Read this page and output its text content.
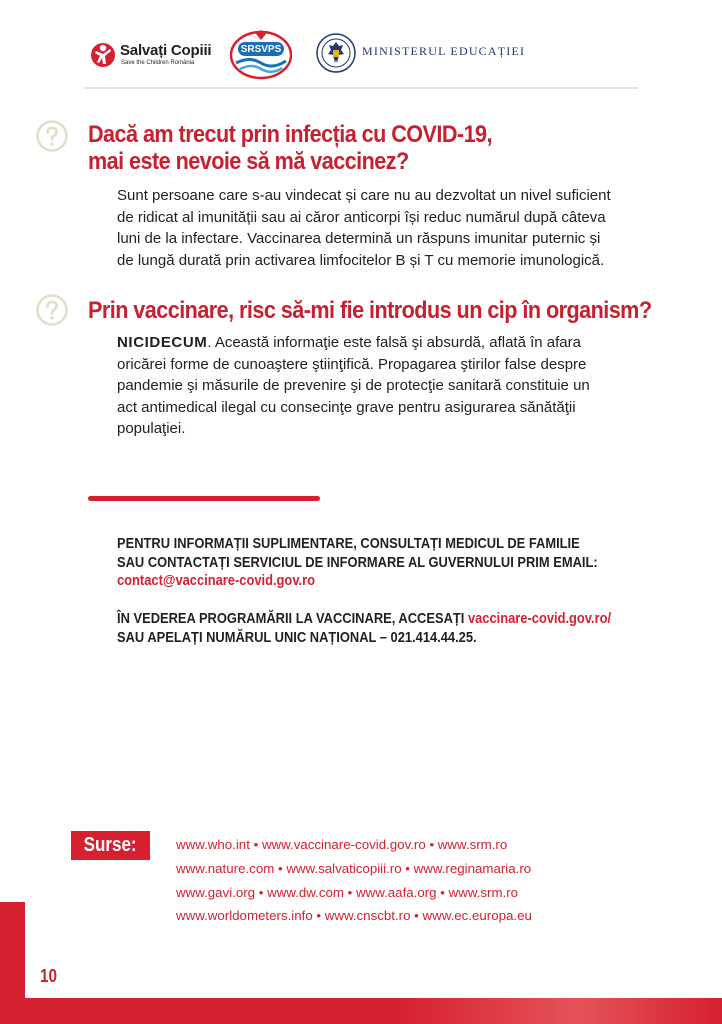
Salvați Copiii
Save the Children România
SRSVPS	MINISTERUL EDUCAȚIEI
Dacă am trecut prin infecția cu COVID-19,
mai este nevoie să mă vaccinez?

Sunt persoane care s-au vindecat și care nu au dezvoltat un nivel suficient
de ridicat al imunității sau ai căror anticorpi își reduc numărul după câteva
luni de la infectare. Vaccinarea determină un răspuns imunitar puternic și
de lungă durată prin activarea limfocitelor B și T cu memorie imunologică.

Prin vaccinare, risc să-mi fie introdus un cip în organism?

NICIDECUM. Această informaţie este falsă şi absurdă, aflată în afara
oricărei forme de cunoaştere ştiinţifică. Propagarea ştirilor false despre
pandemie şi măsurile de prevenire şi de protecţie sanitară constituie un
act antimedical ilegal cu consecinţe grave pentru asigurarea sănătăţii
populaţiei.

PENTRU INFORMAȚII SUPLIMENTARE, CONSULTAȚI MEDICUL DE FAMILIE
SAU CONTACTAȚI SERVICIUL DE INFORMARE AL GUVERNULUI PRIM EMAIL:
contact@vaccinare-covid.gov.ro

ÎN VEDEREA PROGRAMĂRII LA VACCINARE, ACCESAȚI vaccinare-covid.gov.ro/
SAU APELAȚI NUMĂRUL UNIC NAȚIONAL – 021.414.44.25.

Surse:	www.who.int • www.vaccinare-covid.gov.ro • www.srm.ro
www.nature.com • www.salvaticopiii.ro • www.reginamaria.ro
www.gavi.org • www.dw.com • www.aafa.org • www.srm.ro
www.worldometers.info • www.cnscbt.ro • www.ec.europa.eu
10
